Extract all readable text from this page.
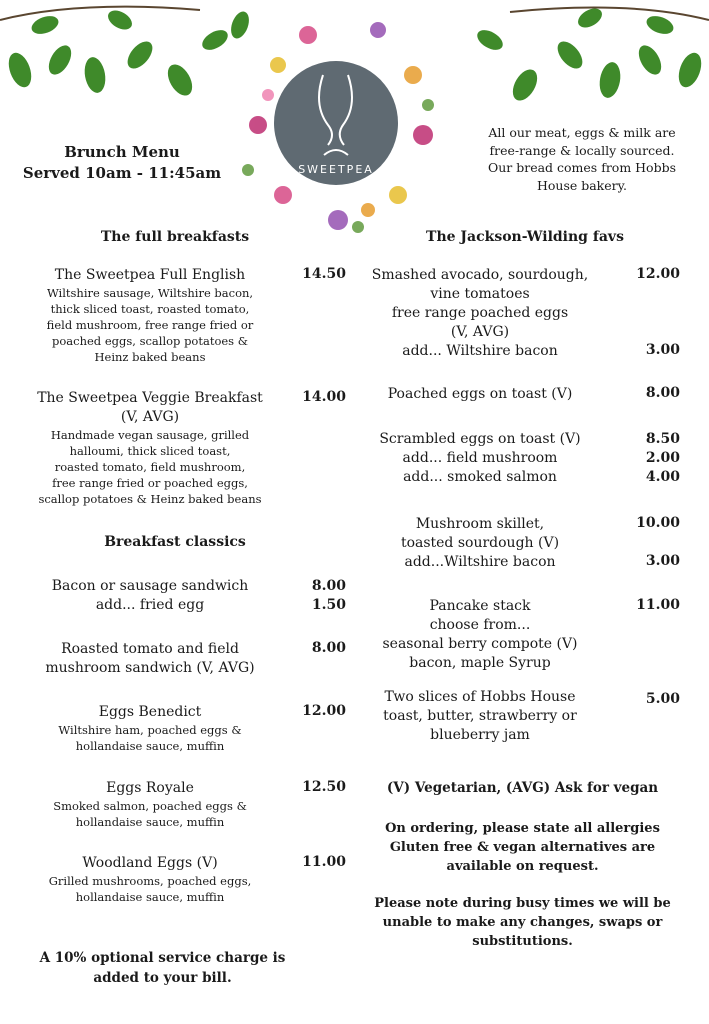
SWEETPEA
Brunch Menu
Served 10am - 11:45am
All our meat, eggs & milk are
free-range & locally sourced.
Our bread comes from Hobbs
House bakery.
The full breakfasts
The Sweetpea Full English
Wiltshire sausage, Wiltshire bacon,
thick sliced toast, roasted tomato,
field mushroom, free range fried or
poached eggs, scallop potatoes &
Heinz baked beans
14.50
The Sweetpea Veggie Breakfast
(V, AVG)
Handmade vegan sausage, grilled
halloumi, thick sliced toast,
roasted tomato, field mushroom,
free range fried or poached eggs,
scallop potatoes & Heinz baked beans
14.00
Breakfast classics
Bacon or sausage sandwich
add... fried egg
8.00
1.50
Roasted tomato and field
mushroom sandwich (V, AVG)
8.00
Eggs Benedict
Wiltshire ham, poached eggs &
hollandaise sauce, muffin
12.00
Eggs Royale
Smoked salmon, poached eggs &
hollandaise sauce, muffin
12.50
Woodland Eggs (V)
Grilled mushrooms, poached eggs,
hollandaise sauce, muffin
11.00
A 10% optional service charge is
added to your bill.
The Jackson-Wilding favs
Smashed avocado, sourdough,
vine tomatoes
free range poached eggs
(V, AVG)
add... Wiltshire bacon
12.00
3.00
Poached eggs on toast (V)	8.00
Scrambled eggs on toast (V)
add... field mushroom
add... smoked salmon
8.50
2.00
4.00
Mushroom skillet,
toasted sourdough (V)
add...Wiltshire bacon
10.00
3.00
Pancake stack
choose from...
seasonal berry compote (V)
bacon, maple Syrup
11.00
Two slices of Hobbs House
toast, butter, strawberry or
blueberry jam
5.00
(V) Vegetarian, (AVG) Ask for vegan
On ordering, please state all allergies
Gluten free & vegan alternatives are
available on request.
Please note during busy times we will be
unable to make any changes, swaps or
substitutions.
